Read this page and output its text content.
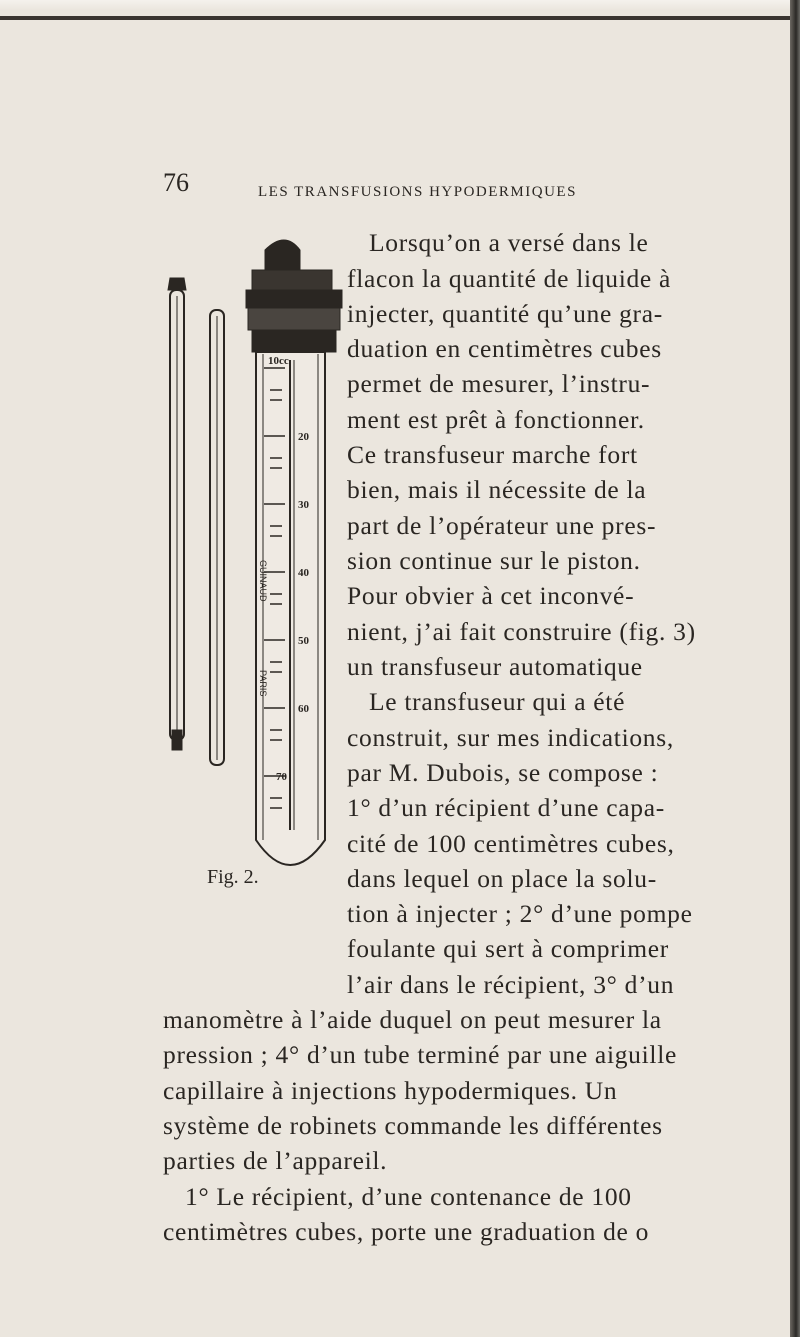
76	LES TRANSFUSIONS HYPODERMIQUES
10cc
20
30
40
50
60
70
GUINAUD
PARIS
Fig. 2.
Lorsqu’on a versé dans le
flacon la quantité de liquide à
injecter, quantité qu’une gra-
duation en centimètres cubes
permet de mesurer, l’instru-
ment est prêt à fonctionner.
Ce transfuseur marche fort
bien, mais il nécessite de la
part de l’opérateur une pres-
sion continue sur le piston.
Pour obvier à cet inconvé-
nient, j’ai fait construire (fig. 3)
un transfuseur automatique
Le transfuseur qui a été
construit, sur mes indications,
par M. Dubois, se compose :
1° d’un récipient d’une capa-
cité de 100 centimètres cubes,
dans lequel on place la solu-
tion à injecter ; 2° d’une pompe
foulante qui sert à comprimer
l’air dans le récipient, 3° d’un
manomètre à l’aide duquel on peut mesurer la
pression ; 4° d’un tube terminé par une aiguille
capillaire à injections hypodermiques. Un
système de robinets commande les différentes
parties de l’appareil.
1° Le récipient, d’une contenance de 100
centimètres cubes, porte une graduation de o
